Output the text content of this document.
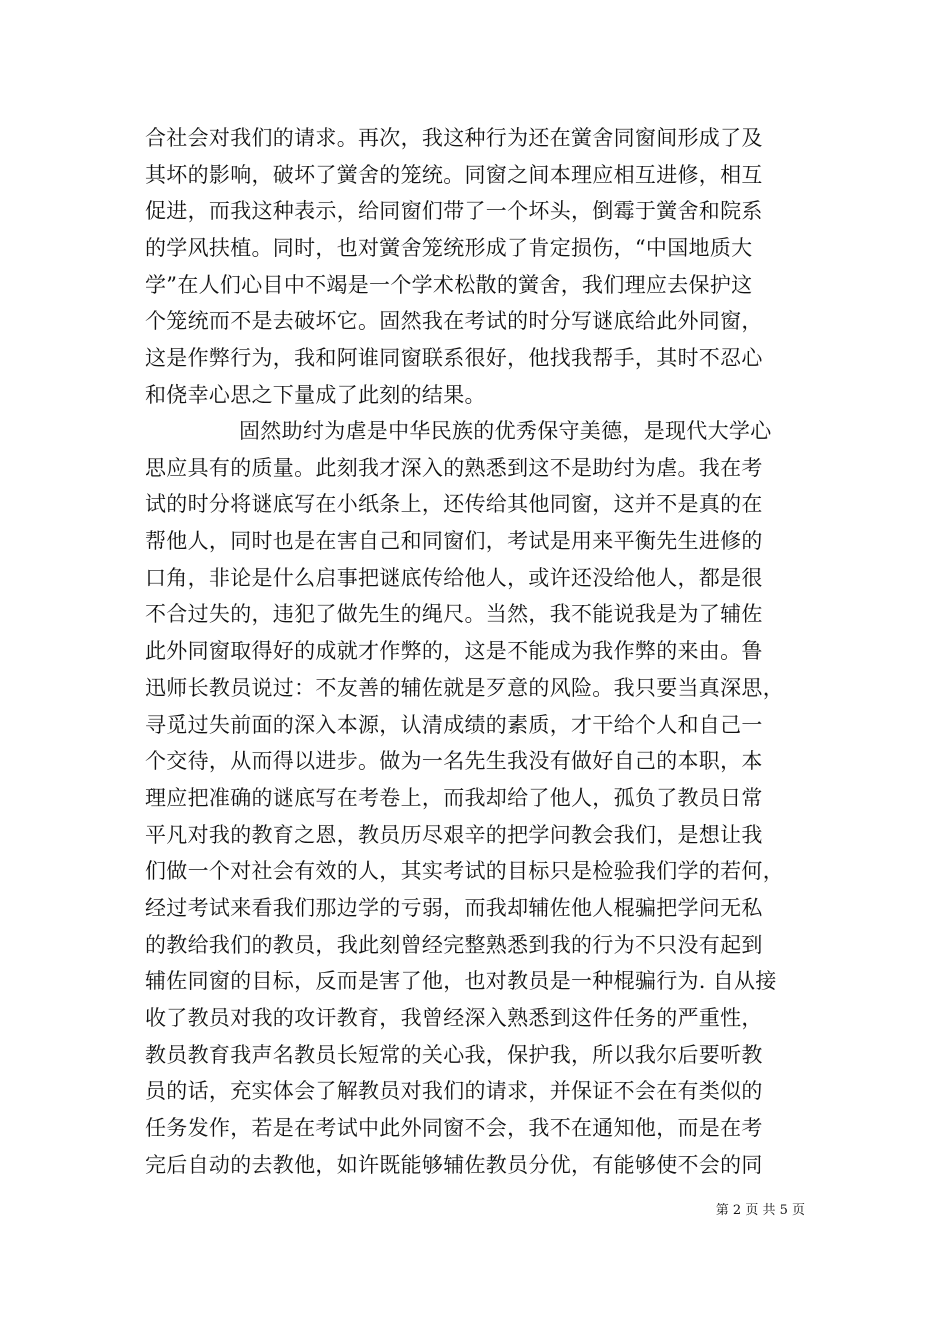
合社会对我们的请求。再次，我这种行为还在黉舍同窗间形成了及
其坏的影响，破坏了黉舍的笼统。同窗之间本理应相互进修，相互
促进，而我这种表示，给同窗们带了一个坏头，倒霉于黉舍和院系
的学风扶植。同时，也对黉舍笼统形成了肯定损伤，“中国地质大
学”在人们心目中不竭是一个学术松散的黉舍，我们理应去保护这
个笼统而不是去破坏它。固然我在考试的时分写谜底给此外同窗，
这是作弊行为，我和阿谁同窗联系很好，他找我帮手，其时不忍心
和侥幸心思之下量成了此刻的结果。
固然助纣为虐是中华民族的优秀保守美德，是现代大学心
思应具有的质量。此刻我才深入的熟悉到这不是助纣为虐。我在考
试的时分将谜底写在小纸条上，还传给其他同窗，这并不是真的在
帮他人，同时也是在害自己和同窗们，考试是用来平衡先生进修的
口角，非论是什么启事把谜底传给他人，或许还没给他人，都是很
不合过失的，违犯了做先生的绳尺。当然，我不能说我是为了辅佐
此外同窗取得好的成就才作弊的，这是不能成为我作弊的来由。鲁
迅师长教员说过：不友善的辅佐就是歹意的风险。我只要当真深思，
寻觅过失前面的深入本源，认清成绩的素质，才干给个人和自己一
个交待，从而得以进步。做为一名先生我没有做好自己的本职，本
理应把准确的谜底写在考卷上，而我却给了他人，孤负了教员日常
平凡对我的教育之恩，教员历尽艰辛的把学问教会我们，是想让我
们做一个对社会有效的人，其实考试的目标只是检验我们学的若何，
经过考试来看我们那边学的亏弱，而我却辅佐他人棍骗把学问无私
的教给我们的教员，我此刻曾经完整熟悉到我的行为不只没有起到
辅佐同窗的目标，反而是害了他，也对教员是一种棍骗行为. 自从接
收了教员对我的攻讦教育，我曾经深入熟悉到这件任务的严重性，
教员教育我声名教员长短常的关心我，保护我，所以我尔后要听教
员的话，充实体会了解教员对我们的请求，并保证不会在有类似的
任务发作，若是在考试中此外同窗不会，我不在通知他，而是在考
完后自动的去教他，如许既能够辅佐教员分优，有能够使不会的同
第 2 页 共 5 页
